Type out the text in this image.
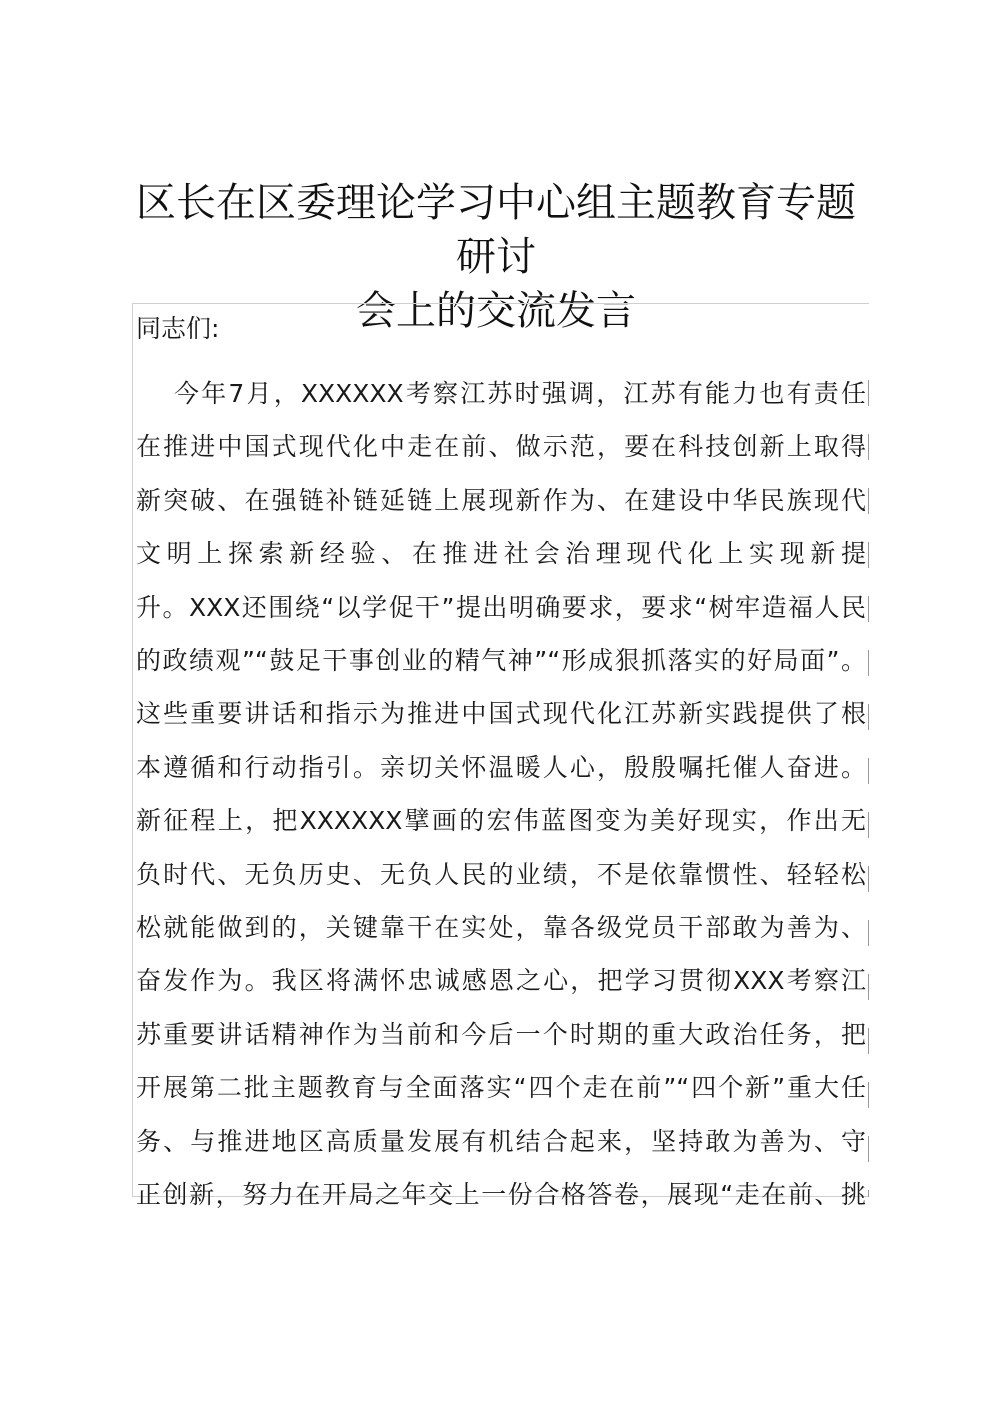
区长在区委理论学习中心组主题教育专题研讨
会上的交流发言
同志们:
今年7月，XXXXXX考察江苏时强调，江苏有能力也有责任
在推进中国式现代化中走在前、做示范，要在科技创新上取得
新突破、在强链补链延链上展现新作为、在建设中华民族现代
文明上探索新经验、在推进社会治理现代化上实现新提
升。XXX还围绕“以学促干”提出明确要求，要求“树牢造福人民
的政绩观”“鼓足干事创业的精气神”“形成狠抓落实的好局面”。
这些重要讲话和指示为推进中国式现代化江苏新实践提供了根
本遵循和行动指引。亲切关怀温暖人心，殷殷嘱托催人奋进。
新征程上，把XXXXXX擘画的宏伟蓝图变为美好现实，作出无
负时代、无负历史、无负人民的业绩，不是依靠惯性、轻轻松
松就能做到的，关键靠干在实处，靠各级党员干部敢为善为、
奋发作为。我区将满怀忠诚感恩之心，把学习贯彻XXX考察江
苏重要讲话精神作为当前和今后一个时期的重大政治任务，把
开展第二批主题教育与全面落实“四个走在前”“四个新”重大任
务、与推进地区高质量发展有机结合起来，坚持敢为善为、守
正创新，努力在开局之年交上一份合格答卷，展现“走在前、挑
